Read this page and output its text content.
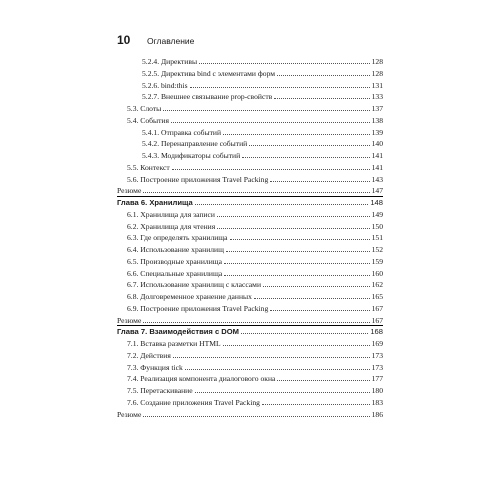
10	Оглавление
5.2.4. Директивы	128
5.2.5. Директива bind с элементами форм	128
5.2.6. bind:this	131
5.2.7. Внешнее связывание prop-свойств	133
5.3. Слоты	137
5.4. События	138
5.4.1. Отправка событий	139
5.4.2. Перенаправление событий	140
5.4.3. Модификаторы событий	141
5.5. Контекст	141
5.6. Построение приложения Travel Packing	143
Резюме	147
Глава 6. Хранилища	148
6.1. Хранилища для записи	149
6.2. Хранилища для чтения	150
6.3. Где определять хранилища	151
6.4. Использование хранилищ	152
6.5. Производные хранилища	159
6.6. Специальные хранилища	160
6.7. Использование хранилищ с классами	162
6.8. Долговременное хранение данных	165
6.9. Построение приложения Travel Packing	167
Резюме	167
Глава 7. Взаимодействия с DOM	168
7.1. Вставка разметки HTML	169
7.2. Действия	173
7.3. Функция tick	173
7.4. Реализация компонента диалогового окна	177
7.5. Перетаскивание	180
7.6. Создание приложения Travel Packing	183
Резюме	186
